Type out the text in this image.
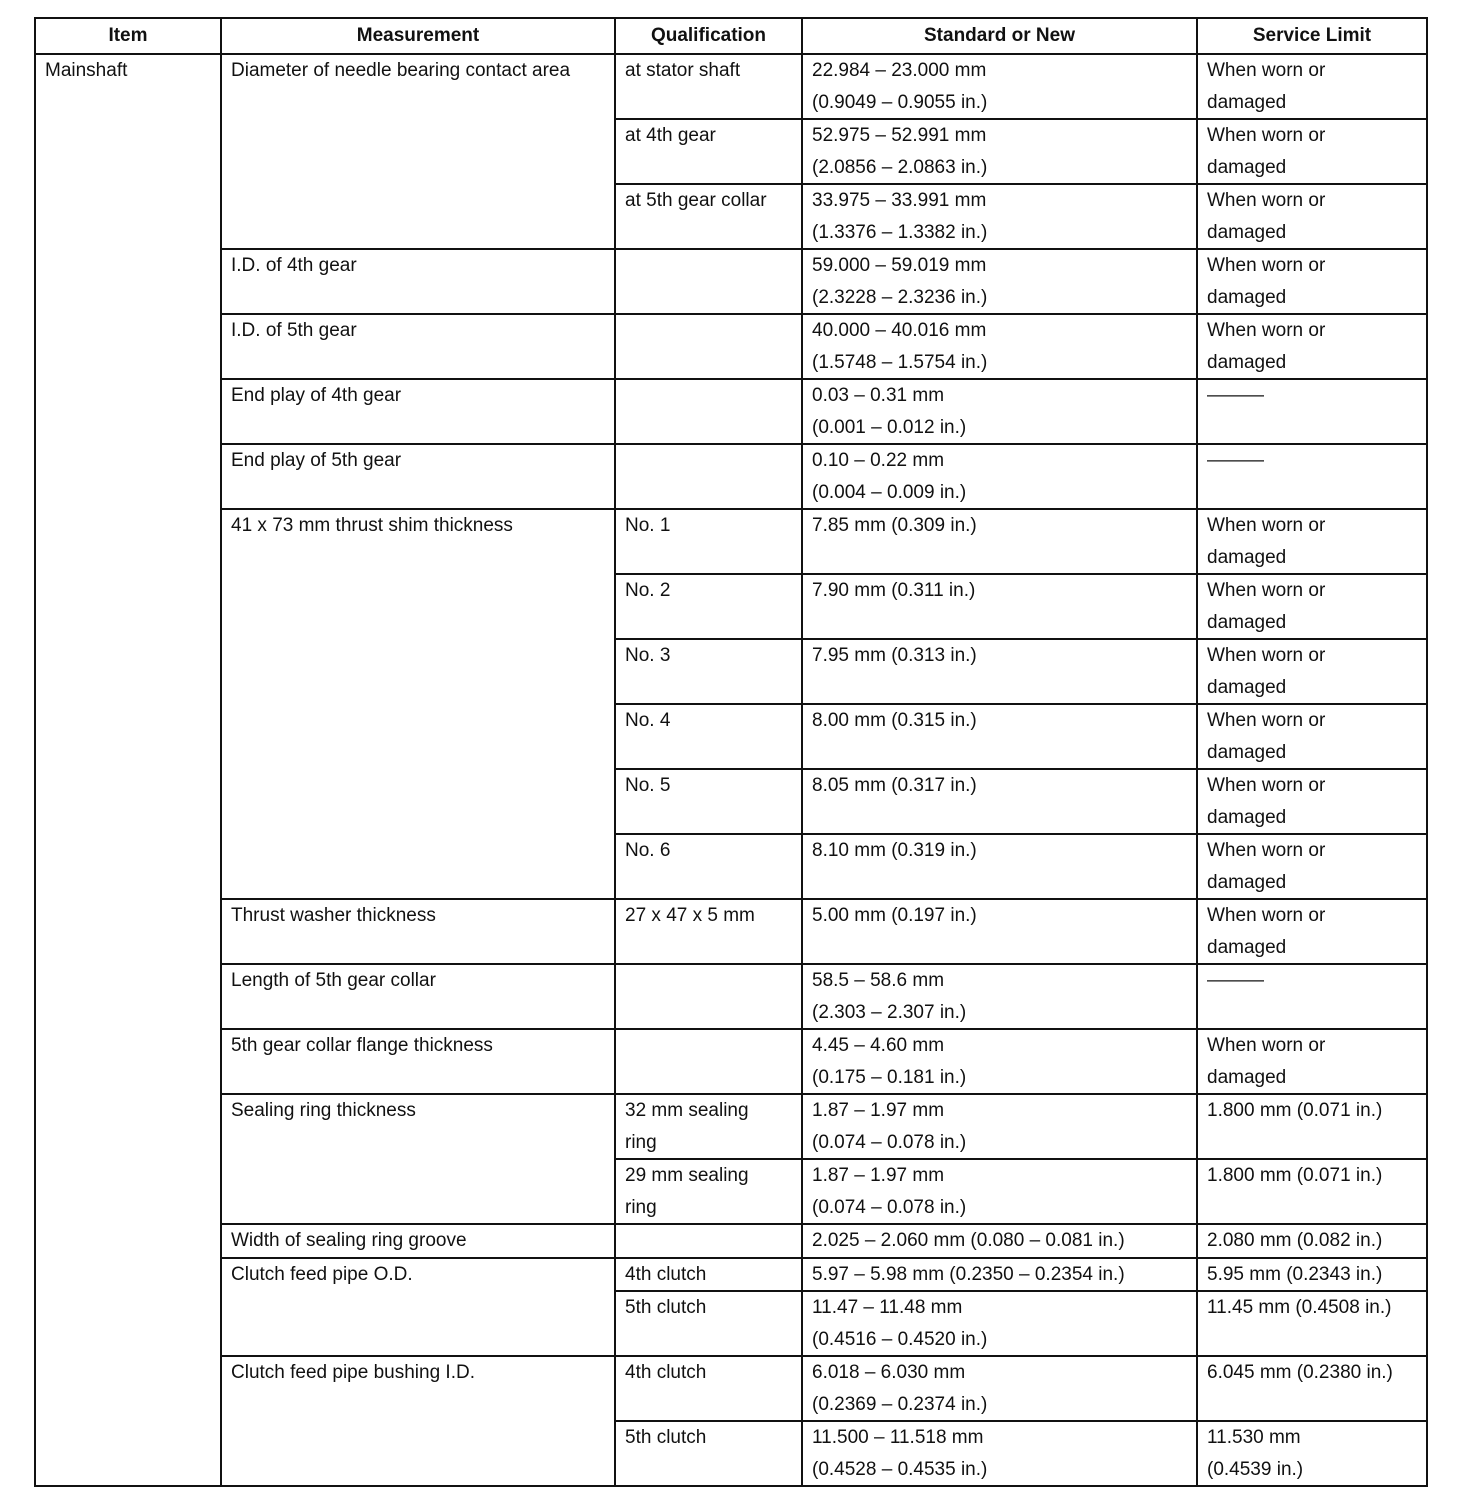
Item	Measurement	Qualification	Standard or New	Service Limit

Mainshaft	Diameter of needle bearing contact area	at stator shaft	22.984 – 23.000 mm
(0.9049 – 0.9055 in.)	When worn or
damaged

		at 4th gear	52.975 – 52.991 mm
(2.0856 – 2.0863 in.)	When worn or
damaged

		at 5th gear collar	33.975 – 33.991 mm
(1.3376 – 1.3382 in.)	When worn or
damaged

	I.D. of 4th gear		59.000 – 59.019 mm
(2.3228 – 2.3236 in.)	When worn or
damaged

	I.D. of 5th gear		40.000 – 40.016 mm
(1.5748 – 1.5754 in.)	When worn or
damaged

	End play of 4th gear		0.03 – 0.31 mm
(0.001 – 0.012 in.)	———

	End play of 5th gear		0.10 – 0.22 mm
(0.004 – 0.009 in.)	———

	41 x 73 mm thrust shim thickness	No. 1	7.85 mm (0.309 in.)	When worn or
damaged

		No. 2	7.90 mm (0.311 in.)	When worn or
damaged

		No. 3	7.95 mm (0.313 in.)	When worn or
damaged

		No. 4	8.00 mm (0.315 in.)	When worn or
damaged

		No. 5	8.05 mm (0.317 in.)	When worn or
damaged

		No. 6	8.10 mm (0.319 in.)	When worn or
damaged

	Thrust washer thickness	27 x 47 x 5 mm	5.00 mm (0.197 in.)	When worn or
damaged

	Length of 5th gear collar		58.5 – 58.6 mm
(2.303 – 2.307 in.)	———

	5th gear collar flange thickness		4.45 – 4.60 mm
(0.175 – 0.181 in.)	When worn or
damaged

	Sealing ring thickness	32 mm sealing
ring	1.87 – 1.97 mm
(0.074 – 0.078 in.)	1.800 mm (0.071 in.)

		29 mm sealing
ring	1.87 – 1.97 mm
(0.074 – 0.078 in.)	1.800 mm (0.071 in.)

	Width of sealing ring groove		2.025 – 2.060 mm (0.080 – 0.081 in.)	2.080 mm (0.082 in.)

	Clutch feed pipe O.D.	4th clutch	5.97 – 5.98 mm (0.2350 – 0.2354 in.)	5.95 mm (0.2343 in.)

		5th clutch	11.47 – 11.48 mm
(0.4516 – 0.4520 in.)	11.45 mm (0.4508 in.)

	Clutch feed pipe bushing I.D.	4th clutch	6.018 – 6.030 mm
(0.2369 – 0.2374 in.)	6.045 mm (0.2380 in.)

		5th clutch	11.500 – 11.518 mm
(0.4528 – 0.4535 in.)	11.530 mm
(0.4539 in.)
